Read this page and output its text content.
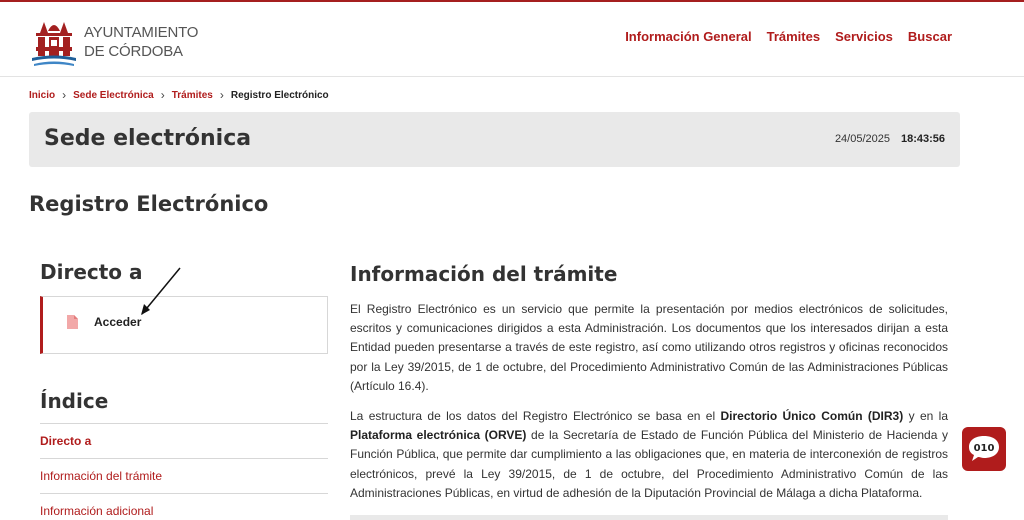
AYUNTAMIENTO
DE CÓRDOBA
Información General Trámites Servicios Buscar
Inicio › Sede Electrónica › Trámites › Registro Electrónico
Sede electrónica	24/05/2025 18:43:56
Registro Electrónico
Directo a
Acceder
Índice
Directo a
Información del trámite
Información adicional
Información del trámite

El Registro Electrónico es un servicio que permite la presentación por medios electrónicos de solicitudes, escritos y comunicaciones dirigidos a esta Administración. Los documentos que los interesados dirijan a esta Entidad pueden presentarse a través de este registro, así como utilizando otros registros y oficinas reconocidos por la Ley 39/2015, de 1 de octubre, del Procedimiento Administrativo Común de las Administraciones Públicas (Artículo 16.4).

La estructura de los datos del Registro Electrónico se basa en el Directorio Único Común (DIR3) y en la Plataforma electrónica (ORVE) de la Secretaría de Estado de Función Pública del Ministerio de Hacienda y Función Pública, que permite dar cumplimiento a las obligaciones que, en materia de interconexión de registros electrónicos, prevé la Ley 39/2015, de 1 de octubre, del Procedimiento Administrativo Común de las Administraciones Públicas, en virtud de adhesión de la Diputación Provincial de Málaga a dicha Plataforma.

010
